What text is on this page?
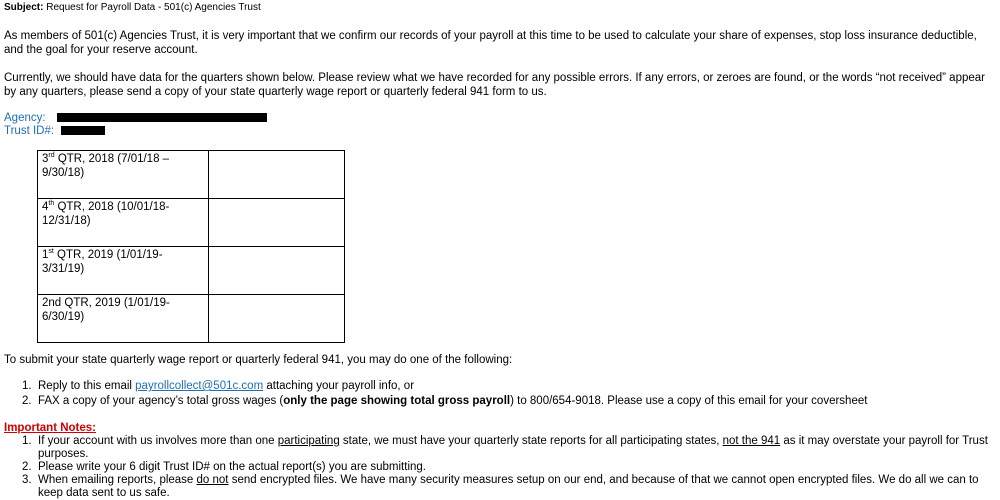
Subject: Request for Payroll Data - 501(c) Agencies Trust
As members of 501(c) Agencies Trust, it is very important that we confirm our records of your payroll at this time to be used to calculate your share of expenses, stop loss insurance deductible, and the goal for your reserve account.
Currently, we should have data for the quarters shown below. Please review what we have recorded for any possible errors. If any errors, or zeroes are found, or the words “not received” appear by any quarters, please send a copy of your state quarterly wage report or quarterly federal 941 form to us.
Agency:
Trust ID#:
3rd QTR, 2018 (7/01/18 – 9/30/18)	
4th QTR, 2018 (10/01/18-12/31/18)	
1st QTR, 2019 (1/01/19-3/31/19)	
2nd QTR, 2019 (1/01/19-6/30/19)	
To submit your state quarterly wage report or quarterly federal 941, you may do one of the following:
1. Reply to this email payrollcollect@501c.com attaching your payroll info, or
2. FAX a copy of your agency’s total gross wages (only the page showing total gross payroll) to 800/654-9018. Please use a copy of this email for your coversheet
Important Notes:
1. If your account with us involves more than one participating state, we must have your quarterly state reports for all participating states, not the 941 as it may overstate your payroll for Trust purposes.
2. Please write your 6 digit Trust ID# on the actual report(s) you are submitting.
3. When emailing reports, please do not send encrypted files. We have many security measures setup on our end, and because of that we cannot open encrypted files. We do all we can to keep data sent to us safe.
